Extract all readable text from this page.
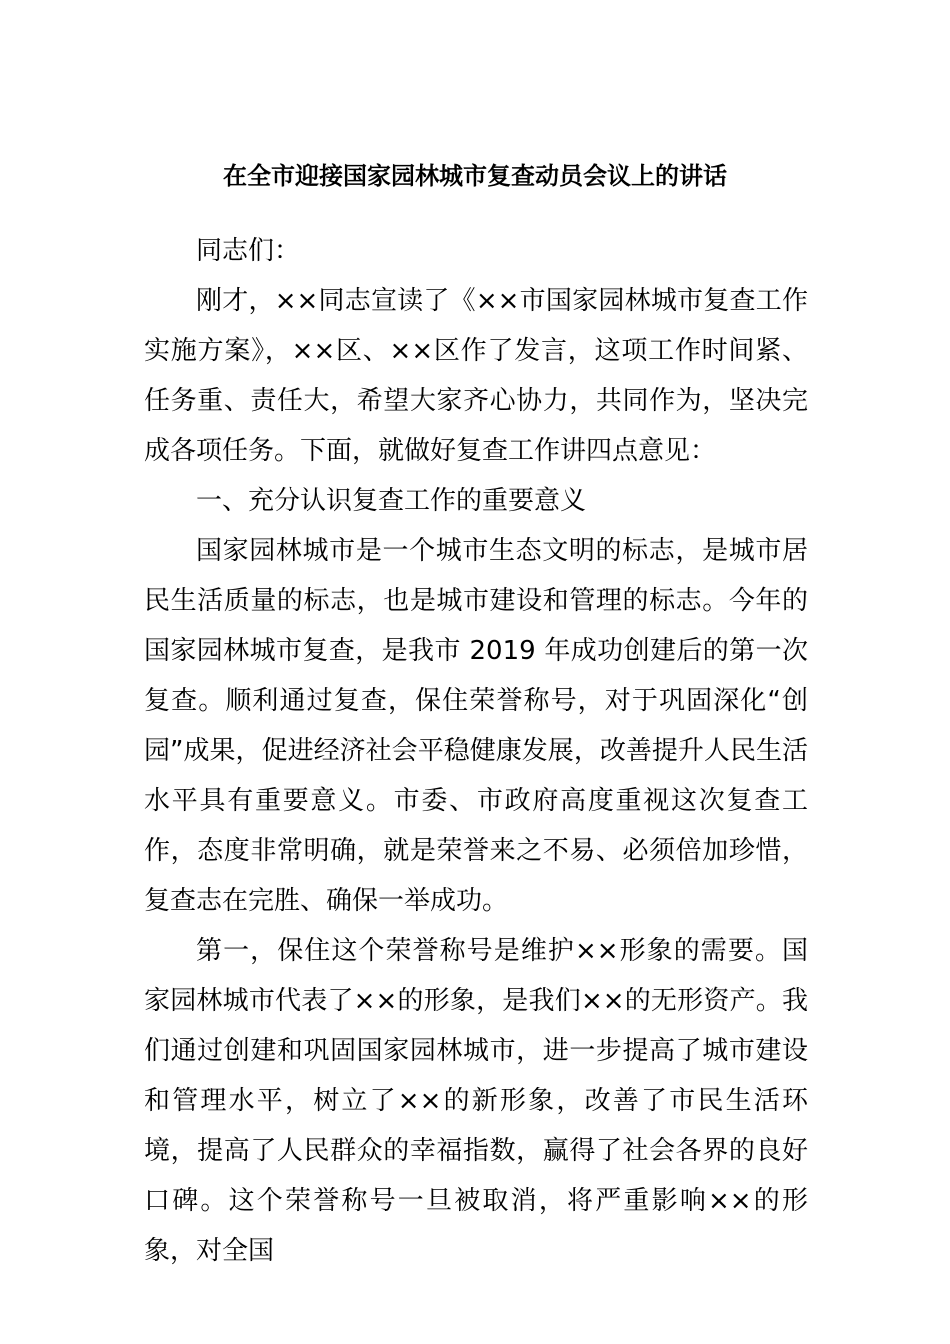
在全市迎接国家园林城市复查动员会议上的讲话

同志们：

刚才，××同志宣读了《××市国家园林城市复查工作实施方案》，××区、××区作了发言，这项工作时间紧、任务重、责任大，希望大家齐心协力，共同作为，坚决完成各项任务。下面，就做好复查工作讲四点意见：

一、充分认识复查工作的重要意义

国家园林城市是一个城市生态文明的标志，是城市居民生活质量的标志，也是城市建设和管理的标志。今年的国家园林城市复查，是我市 2019 年成功创建后的第一次复查。顺利通过复查，保住荣誉称号，对于巩固深化“创园”成果，促进经济社会平稳健康发展，改善提升人民生活水平具有重要意义。市委、市政府高度重视这次复查工作，态度非常明确，就是荣誉来之不易、必须倍加珍惜，复查志在完胜、确保一举成功。

第一，保住这个荣誉称号是维护××形象的需要。国家园林城市代表了××的形象，是我们××的无形资产。我们通过创建和巩固国家园林城市，进一步提高了城市建设和管理水平，树立了××的新形象，改善了市民生活环境，提高了人民群众的幸福指数，赢得了社会各界的良好口碑。这个荣誉称号一旦被取消，将严重影响××的形象，对全国
